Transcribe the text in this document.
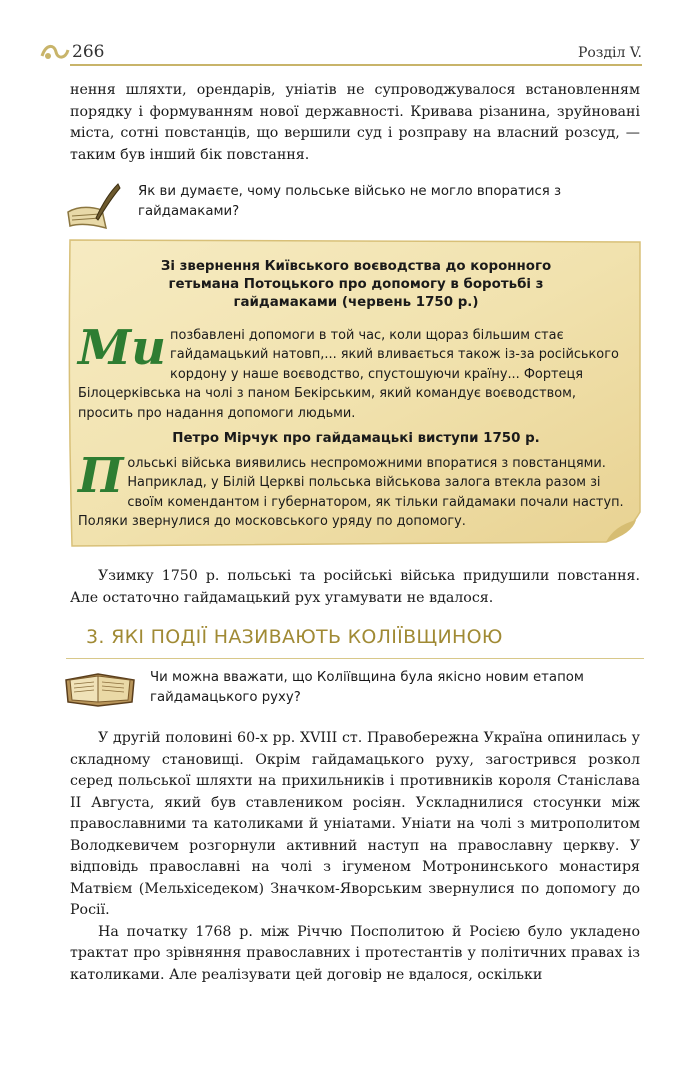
266	Розділ V.

нення шляхти, орендарів, уніатів не супроводжувалося встановленням порядку і формуванням нової державності. Кривава різанина, зруйновані міста, сотні повстанців, що вершили суд і розправу на власний розсуд, — таким був інший бік повстання.

Як ви думаєте, чому польське військо не могло впоратися з гайдамаками?
Зі звернення Київського воєводства до коронного гетьмана Потоцького про допомогу в боротьбі з гайдамаками (червень 1750 р.)
Ми позбавлені допомоги в той час, коли щораз більшим стає гайдамацький натовп,... який вливається також із-за російського кордону у наше воєводство, спустошуючи країну... Фортеця Білоцерківська на чолі з паном Бекірським, який командує воєводством, просить про надання допомоги людьми.
Петро Мірчук про гайдамацькі виступи 1750 р.
Польські війська виявились неспроможними впоратися з повстанцями. Наприклад, у Білій Церкві польська військова залога втекла разом зі своїм комендантом і губернатором, як тільки гайдамаки почали наступ. Поляки звернулися до московського уряду по допомогу.

Узимку 1750 р. польські та російські війська придушили повстання. Але остаточно гайдамацький рух угамувати не вдалося.

3. ЯКІ ПОДІЇ НАЗИВАЮТЬ КОЛІЇВЩИНОЮ
Чи можна вважати, що Коліївщина була якісно новим етапом гайдамацького руху?

У другій половині 60-х рр. XVIII ст. Правобережна Україна опинилась у складному становищі. Окрім гайдамацького руху, загострився розкол серед польської шляхти на прихильників і противників короля Станіслава II Августа, який був ставлеником росіян. Ускладнилися стосунки між православними та католиками й уніатами. Уніати на чолі з митрополитом Володкевичем розгорнули активний наступ на православну церкву. У відповідь православні на чолі з ігуменом Мотронинського монастиря Матвієм (Мельхіседеком) Значком-Яворським звернулися по допомогу до Росії.

На початку 1768 р. між Річчю Посполитою й Росією було укладено трактат про зрівняння православних і протестантів у політичних правах із католиками. Але реалізувати цей договір не вдалося, оскільки
